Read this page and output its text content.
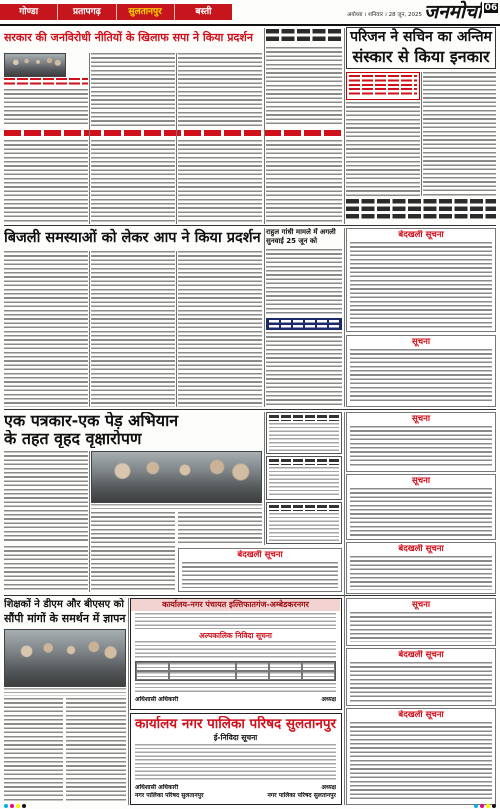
गोण्डा	प्रतापगढ़	सुलतानपुर	बस्ती	अयोध्या । शनिवार । 28 जून, 2025 जनमोर्चा 06
सरकार की जनविरोधी नीतियों के खिलाफ सपा ने किया प्रदर्शन	परिजन ने सचिन का अन्तिम
संस्कार से किया इनकार
बिजली समस्याओं को लेकर आप ने किया प्रदर्शन राहुल गांधी मामले में अगली सुनवाई 25 जून को
बेदखली सूचना
सूचना
एक पत्रकार-एक पेड़ अभियान
के तहत वृहद वृक्षारोपण
बेदखली सूचना
सूचना
सूचना
बेदखली सूचना
शिक्षकों ने डीएम और बीएसए को
सौंपी मांगों के समर्थन में ज्ञापन
कार्यालय-नगर पंचायत इल्तिफातगंज-अम्बेडकरनगर
अल्पकालिक निविदा सूचना
अधिशासी अधिकारी	अध्यक्ष
कार्यालय नगर पालिका परिषद सुलतानपुर
ई-निविदा सूचना
अधिशासी अधिकारी
नगर पालिका परिषद सुलतानपुर
अध्यक्ष
नगर पालिका परिषद सुलतानपुर
सूचना
बेदखली सूचना
बेदखली सूचना
